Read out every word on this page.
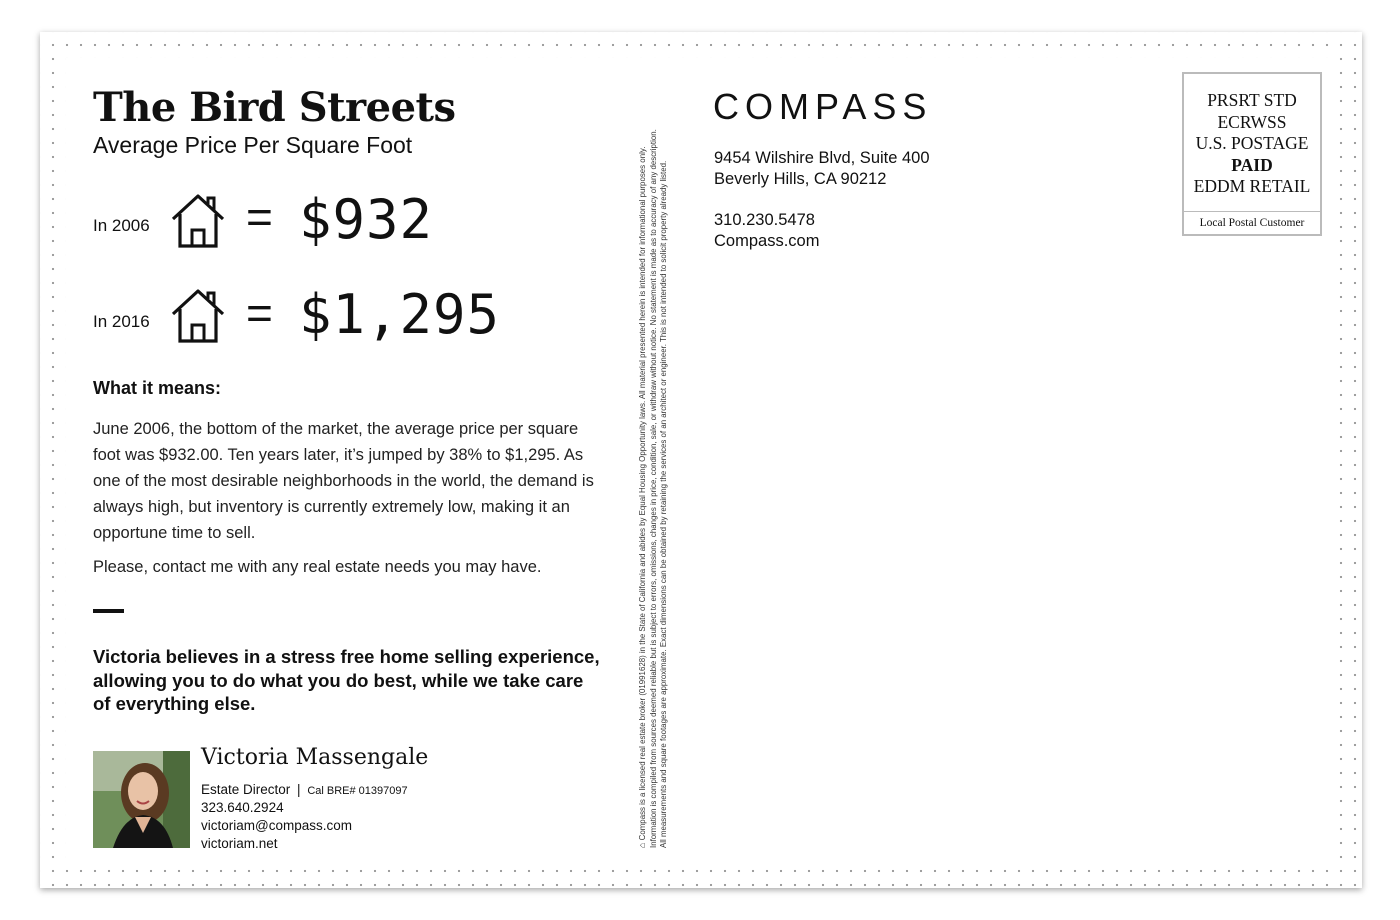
The Bird Streets
Average Price Per Square Foot
In 2006 = $932
In 2016 = $1,295
What it means:
June 2006, the bottom of the market, the average price per square foot was $932.00. Ten years later, it’s jumped by 38% to $1,295. As one of the most desirable neighborhoods in the world, the demand is always high, but inventory is currently extremely low, making it an opportune time to sell.
Please, contact me with any real estate needs you may have.
Victoria believes in a stress free home selling experience, allowing you to do what you do best, while we take care of everything else.
Victoria Massengale
Estate Director | Cal BRE# 01397097
323.640.2924
victoriam@compass.com
victoriam.net	⌂ Compass is a licensed real estate broker (01991628) in the State of California and abides by Equal Housing Opportunity laws. All material presented herein is intended for informational purposes only. Information is compiled from sources deemed reliable but is subject to errors, omissions, changes in price, condition, sale, or withdraw without notice. No statement is made as to accuracy of any description. All measurements and square footages are approximate. Exact dimensions can be obtained by retaining the services of an architect or engineer. This is not intended to solicit property already listed.
COMPASS
9454 Wilshire Blvd, Suite 400
Beverly Hills, CA 90212
310.230.5478
Compass.com
PRSRT STD
ECRWSS
U.S. POSTAGE
PAID
EDDM RETAIL
Local Postal Customer
